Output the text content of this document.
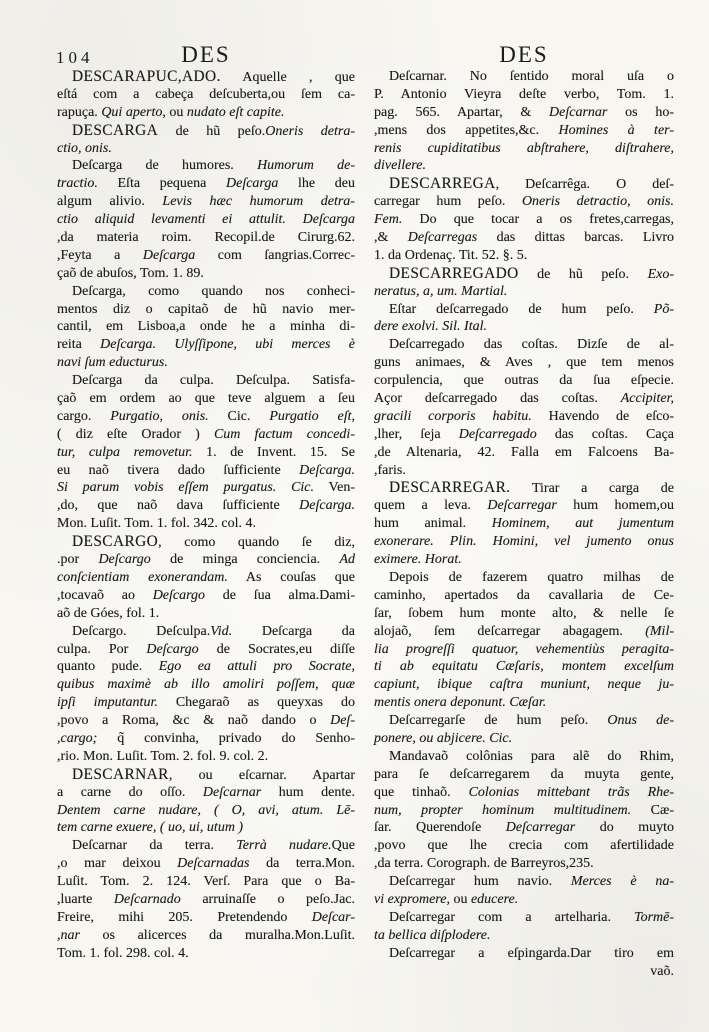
104	DES	DES
DESCARAPUC,ADO. Aquelle , que
eſtá com a cabeça deſcuberta,ou ſem ca-
rapuça. Qui aperto, ou nudato eſt capite.
DESCARGA de hũ peſo.Oneris detra-
ctio, onis.
Deſcarga de humores. Humorum de-
tractio. Eſta pequena Deſcarga lhe deu
algum alivio. Levis hæc humorum detra-
ctio aliquid levamenti ei attulit. Deſcarga
,da materia roim. Recopil.de Cirurg.62.
,Feyta a Deſcarga com ſangrias.Correc-
çaõ de abuſos, Tom. 1. 89.
Deſcarga, como quando nos conheci-
mentos diz o capitaõ de hũ navio mer-
cantil, em Lisboa,a onde he a minha di-
reita Deſcarga. Ulyſſipone, ubi merces è
navi ſum educturus.
Deſcarga da culpa. Deſculpa. Satisfa-
çaõ em ordem ao que teve alguem a ſeu
cargo. Purgatio, onis. Cic. Purgatio eſt,
( diz eſte Orador ) Cum factum concedi-
tur, culpa removetur. 1. de Invent. 15. Se
eu naõ tivera dado ſufficiente Deſcarga.
Si parum vobis eſſem purgatus. Cic. Ven-
,do, que naõ dava ſufficiente Deſcarga.
Mon. Luſit. Tom. 1. fol. 342. col. 4.
DESCARGO, como quando ſe diz,
.por Deſcargo de minga conciencia. Ad
conſcientiam exonerandam. As couſas que
,tocavaõ ao Deſcargo de ſua alma.Dami-
aõ de Góes, fol. 1.
Deſcargo. Deſculpa.Vid. Deſcarga da
culpa. Por Deſcargo de Socrates,eu diſſe
quanto pude. Ego ea attuli pro Socrate,
quibus maximè ab illo amoliri poſſem, quæ
ipſi imputantur. Chegaraõ as queyxas do
,povo a Roma, &c & naõ dando o Deſ-
,cargo; q̃ convinha, privado do Senho-
,rio. Mon. Luſit. Tom. 2. fol. 9. col. 2.
DESCARNAR, ou eſcarnar. Apartar
a carne do oſſo. Deſcarnar hum dente.
Dentem carne nudare, ( O, avi, atum. Lē-
tem carne exuere, ( uo, ui, utum )
Deſcarnar da terra. Terrà nudare.Que
,o mar deixou Deſcarnadas da terra.Mon.
Luſit. Tom. 2. 124. Verſ. Para que o Ba-
,luarte Deſcarnado arruinaſſe o peſo.Jac.
Freire, mihi 205. Pretendendo Deſcar-
,nar os alicerces da muralha.Mon.Luſit.
Tom. 1. fol. 298. col. 4.
Deſcarnar. No ſentido moral uſa o
P. Antonio Vieyra deſte verbo, Tom. 1.
pag. 565. Apartar, & Deſcarnar os ho-
,mens dos appetites,&c. Homines à ter-
renis cupiditatibus abſtrahere, diſtrahere,
divellere.
DESCARREGA, Deſcarrêga. O deſ-
carregar hum peſo. Oneris detractio, onis.
Fem. Do que tocar a os fretes,carregas,
,& Deſcarregas das dittas barcas. Livro
1. da Ordenaç. Tit. 52. §. 5.
DESCARREGADO de hũ peſo. Exo-
neratus, a, um. Martial.
Eſtar deſcarregado de hum peſo. Põ-
dere exolvi. Sil. Ital.
Deſcarregado das coſtas. Dizſe de al-
guns animaes, & Aves , que tem menos
corpulencia, que outras da ſua eſpecie.
Açor deſcarregado das coſtas. Accipiter,
gracili corporis habitu. Havendo de eſco-
,lher, ſeja Deſcarregado das coſtas. Caça
,de Altenaria, 42. Falla em Falcoens Ba-
,faris.
DESCARREGAR. Tirar a carga de
quem a leva. Deſcarregar hum homem,ou
hum animal. Hominem, aut jumentum
exonerare. Plin. Homini, vel jumento onus
eximere. Horat.
Depois de fazerem quatro milhas de
caminho, apertados da cavallaria de Ce-
ſar, ſobem hum monte alto, & nelle ſe
alojaõ, ſem deſcarregar abagagem. (Mil-
lia progreſſi quatuor, vehementiùs peragita-
ti ab equitatu Cæſaris, montem excelſum
capiunt, ibique caſtra muniunt, neque ju-
mentis onera deponunt. Cæſar.
Deſcarregarſe de hum peſo. Onus de-
ponere, ou abjicere. Cic.
Mandavaõ colônias para alẽ do Rhim,
para ſe deſcarregarem da muyta gente,
que tinhaõ. Colonias mittebant trãs Rhe-
num, propter hominum multitudinem. Cæ-
ſar. Querendoſe Deſcarregar do muyto
,povo que lhe crecia com afertilidade
,da terra. Corograph. de Barreyros,235.
Deſcarregar hum navio. Merces è na-
vi expromere, ou educere.
Deſcarregar com a artelharia. Tormē-
ta bellica diſplodere.
Deſcarregar a eſpingarda.Dar tiro em
vaõ.
